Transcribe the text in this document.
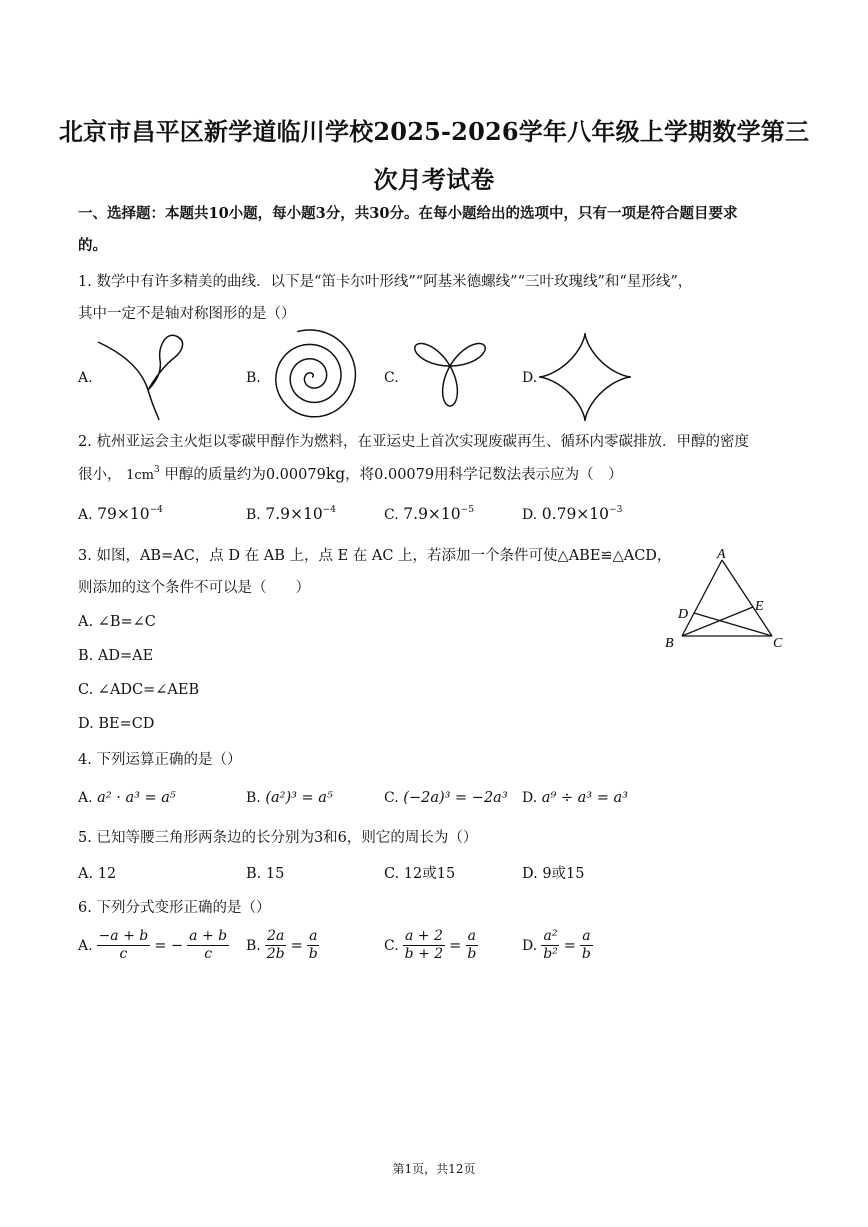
北京市昌平区新学道临川学校2025-2026学年八年级上学期数学第三
次月考试卷
一、选择题：本题共10小题，每小题3分，共30分。在每小题给出的选项中，只有一项是符合题目要求
的。
1. 数学中有许多精美的曲线．以下是“笛卡尔叶形线”“阿基米德螺线”“三叶玫瑰线”和“星形线”，
其中一定不是轴对称图形的是（）
A.	B.	C.	D.
2. 杭州亚运会主火炬以零碳甲醇作为燃料，在亚运史上首次实现废碳再生、循环内零碳排放．甲醇的密度
很小， $1cm^3$ 甲醇的质量约为0.00079kg，将0.00079用科学记数法表示应为（　）
A. $79\times 10^{-4}$	B. $7.9\times 10^{-4}$	C. $7.9\times 10^{-5}$	D. $0.79\times 10^{-3}$
3. 如图，AB=AC，点 D 在 AB 上，点 E 在 AC 上，若添加一个条件可使△ABE≌△ACD，
则添加的这个条件不可以是（　　）
A. ∠B=∠C
B. AD=AE
C. ∠ADC=∠AEB
D. BE=CD
A
D
E
B	C
4. 下列运算正确的是（）
A. a² · a³ = a⁵	B. (a²)³ = a⁵	C. (−2a)³ = −2a³ D. a⁹ ÷ a³ = a³
5. 已知等腰三角形两条边的长分别为3和6，则它的周长为（）
A. 12	B. 15	C. 12或15	D. 9或15
6. 下列分式变形正确的是（）
A. $\frac{-a + b}{c}$ = − $\frac{a + b}{c} B$. $\frac{2a}{2b} = \frac{a}{b}$	C. $\frac{a + 2}{b + 2} = \frac{a}{b}$	D. $\frac{\text{a²}}{\text{b²}} = \frac{a}{b}$
第1页，共12页
